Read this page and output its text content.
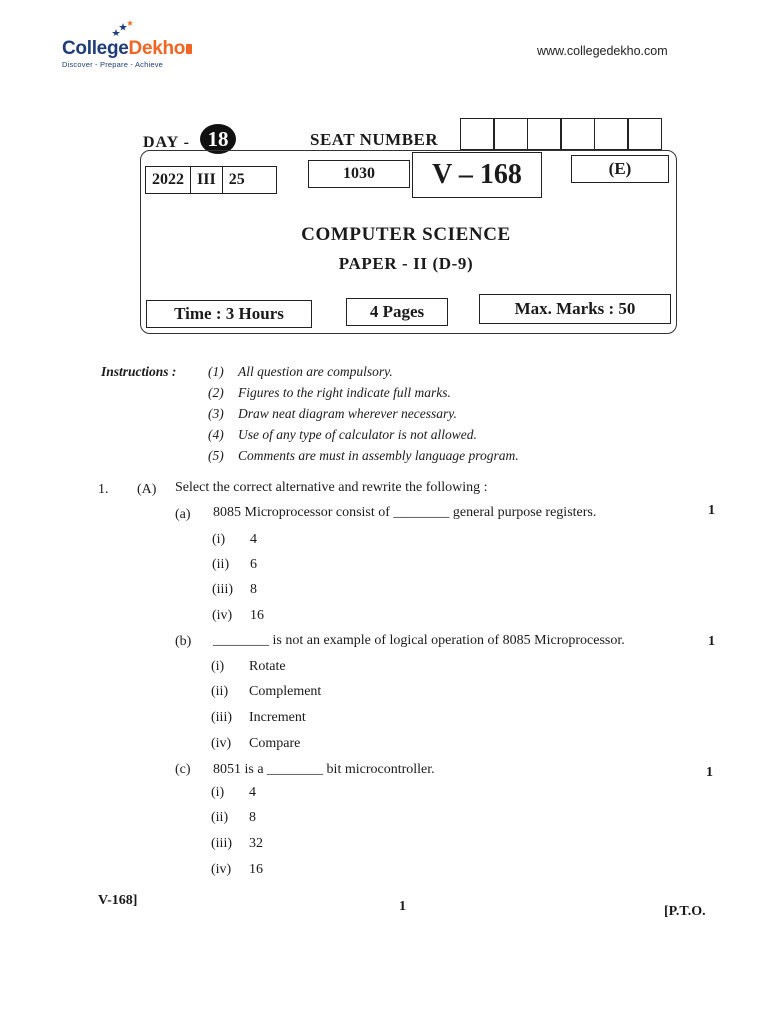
CollegeDekho
Discover - Prepare - Achieve
www.collegedekho.com
DAY - 18	SEAT NUMBER
2022 III 25	1030	V – 168	(E)
COMPUTER SCIENCE
PAPER - II (D-9)
Time : 3 Hours	4 Pages	Max. Marks : 50
Instructions : (1) All question are compulsory.
(2) Figures to the right indicate full marks.
(3) Draw neat diagram wherever necessary.
(4) Use of any type of calculator is not allowed.
(5) Comments are must in assembly language program.
1. (A) Select the correct alternative and rewrite the following :
(a) 8085 Microprocessor consist of ________ general purpose registers.	1
(i) 4
(ii) 6
(iii) 8
(iv) 16
(b) ________ is not an example of logical operation of 8085 Microprocessor.	1
(i) Rotate
(ii) Complement
(iii) Increment
(iv) Compare
(c) 8051 is a ________ bit microcontroller.	1
(i) 4
(ii) 8
(iii) 32
(iv) 16
V-168]	1	[P.T.O.
